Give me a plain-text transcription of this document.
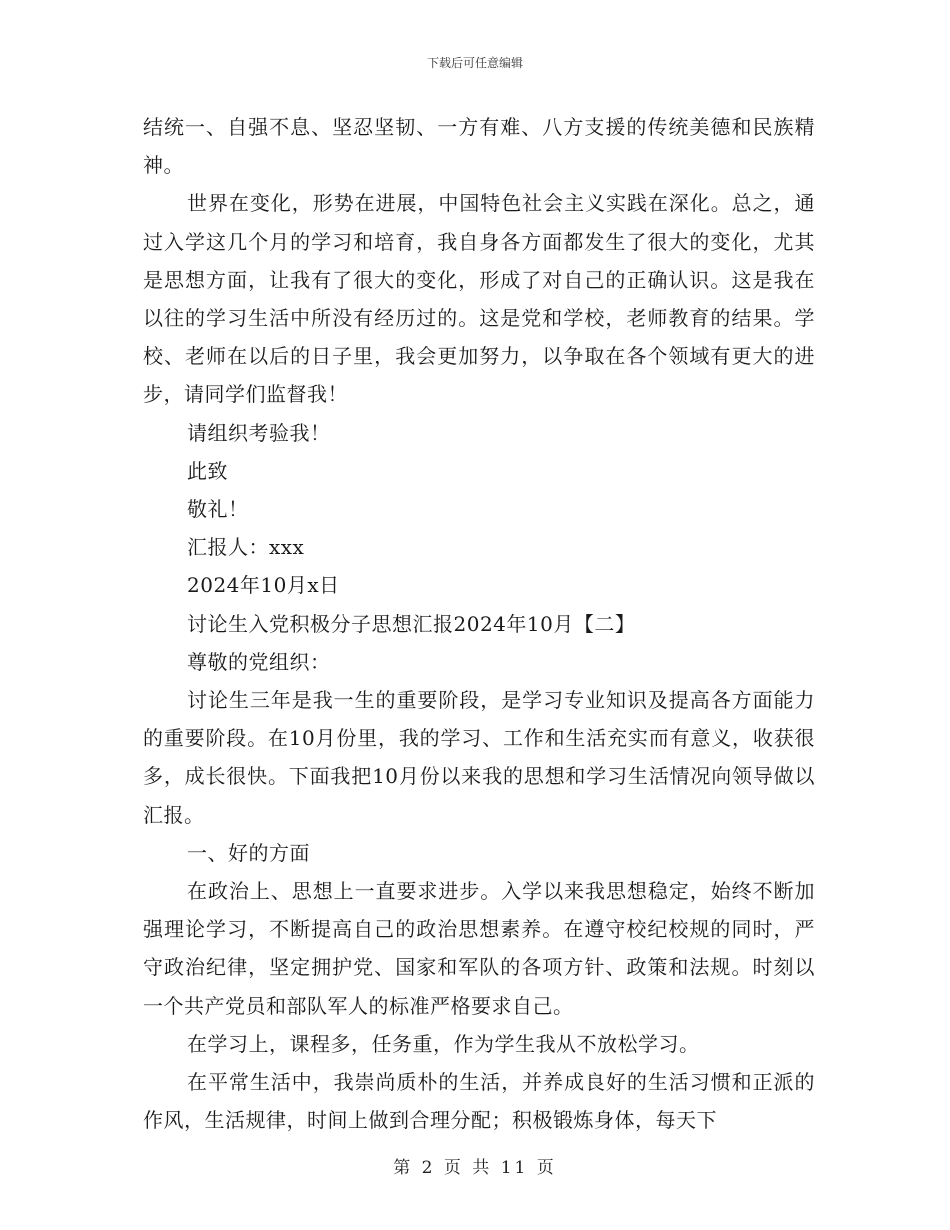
下载后可任意编辑

结统一、自强不息、坚忍坚韧、一方有难、八方支援的传统美德和民族精神。

世界在变化，形势在进展，中国特色社会主义实践在深化。总之，通过入学这几个月的学习和培育，我自身各方面都发生了很大的变化，尤其是思想方面，让我有了很大的变化，形成了对自己的正确认识。这是我在以往的学习生活中所没有经历过的。这是党和学校，老师教育的结果。学校、老师在以后的日子里，我会更加努力，以争取在各个领域有更大的进步，请同学们监督我！

请组织考验我！

此致

敬礼！

汇报人：xxx

2024年10月x日

讨论生入党积极分子思想汇报2024年10月【二】

尊敬的党组织：

讨论生三年是我一生的重要阶段，是学习专业知识及提高各方面能力的重要阶段。在10月份里，我的学习、工作和生活充实而有意义，收获很多，成长很快。下面我把10月份以来我的思想和学习生活情况向领导做以汇报。

一、好的方面

在政治上、思想上一直要求进步。入学以来我思想稳定，始终不断加强理论学习，不断提高自己的政治思想素养。在遵守校纪校规的同时，严守政治纪律，坚定拥护党、国家和军队的各项方针、政策和法规。时刻以一个共产党员和部队军人的标准严格要求自己。

在学习上，课程多，任务重，作为学生我从不放松学习。

在平常生活中，我崇尚质朴的生活，并养成良好的生活习惯和正派的作风，生活规律，时间上做到合理分配；积极锻炼身体，每天下

第 2 页 共 11 页
